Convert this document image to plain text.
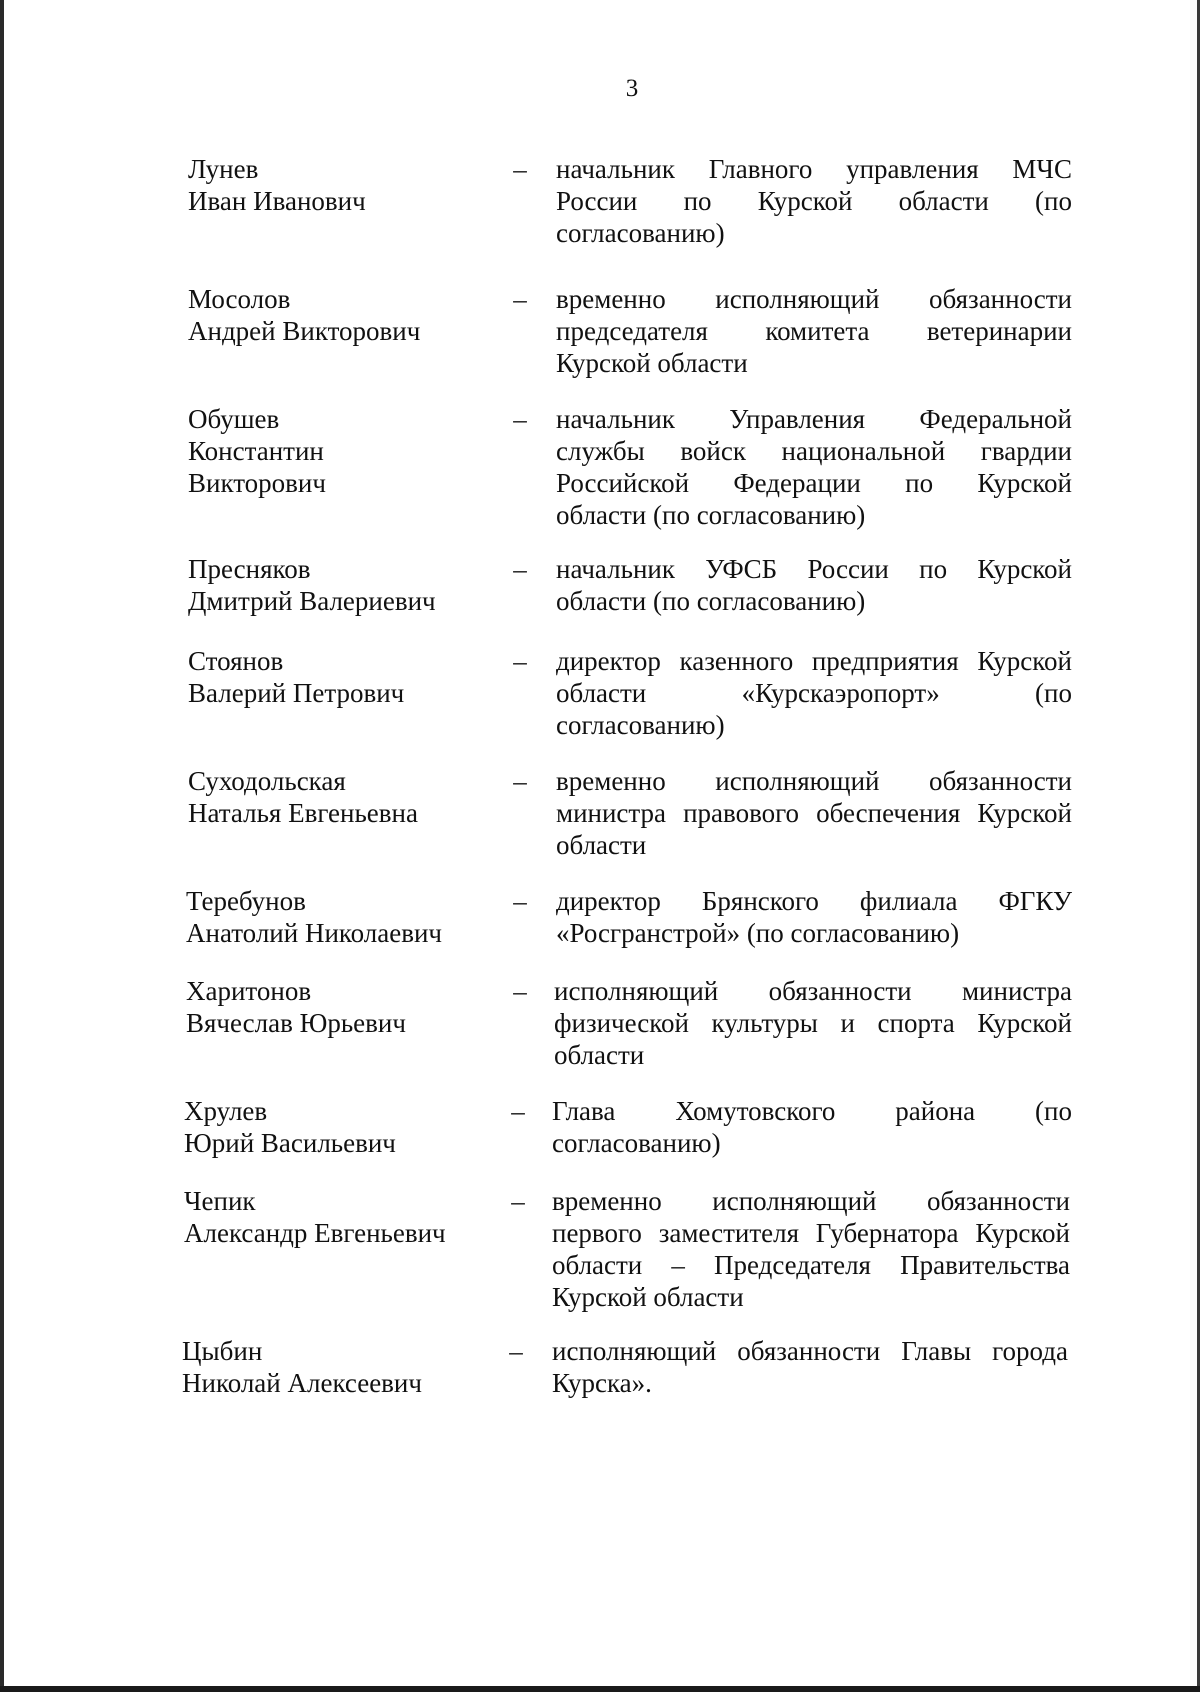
3
Лунев
Иван Иванович
– начальник Главного управления МЧС
России по Курской области (по
согласованию)
Мосолов
Андрей Викторович
– временно исполняющий обязанности
председателя комитета ветеринарии
Курской области
Обушев
Константин
Викторович
– начальник Управления Федеральной
службы войск национальной гвардии
Российской Федерации по Курской
области (по согласованию)
Пресняков
Дмитрий Валериевич
– начальник УФСБ России по Курской
области (по согласованию)
Стоянов
Валерий Петрович
– директор казенного предприятия Курской
области «Курскаэропорт» (по
согласованию)
Суходольская
Наталья Евгеньевна
– временно исполняющий обязанности
министра правового обеспечения Курской
области
Теребунов
Анатолий Николаевич
– директор Брянского филиала ФГКУ
«Росгранстрой» (по согласованию)
Харитонов
Вячеслав Юрьевич
– исполняющий обязанности министра
физической культуры и спорта Курской
области
Хрулев
Юрий Васильевич
– Глава Хомутовского района (по
согласованию)
Чепик
Александр Евгеньевич
– временно исполняющий обязанности
первого заместителя Губернатора Курской
области – Председателя Правительства
Курской области
Цыбин
Николай Алексеевич
– исполняющий обязанности Главы города
Курска».
